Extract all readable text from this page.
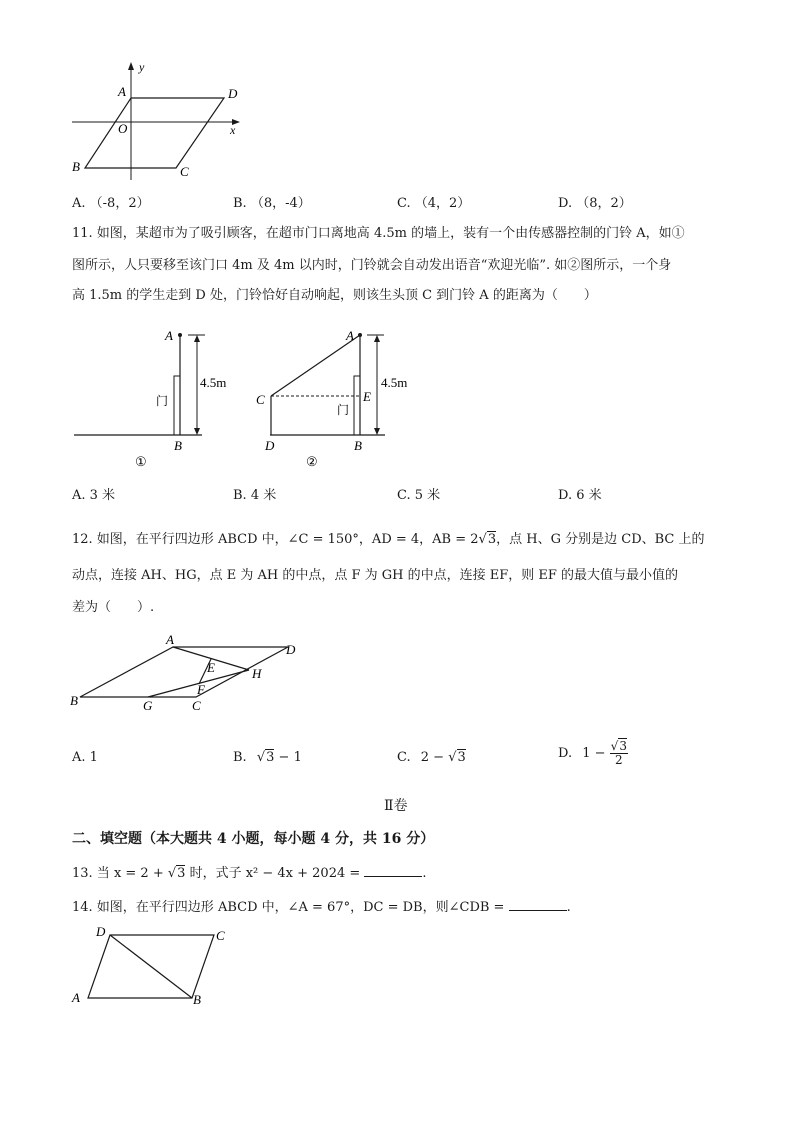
y
A	D
O	x
B	C
A. （-8，2）	B. （8，-4）	C. （4，2）	D. （8，2）
11. 如图，某超市为了吸引顾客，在超市门口离地高 4.5m 的墙上，装有一个由传感器控制的门铃 A，如①
图所示，人只要移至该门口 4m 及 4m 以内时，门铃就会自动发出语音“欢迎光临”. 如②图所示，一个身
高 1.5m 的学生走到 D 处，门铃恰好自动响起，则该生头顶 C 到门铃 A 的距离为（　　）
A
门
4.5m
B
①
A
C	E
门
4.5m
D	B
②
A. 3 米	B. 4 米	C. 5 米	D. 6 米
12. 如图，在平行四边形 ABCD 中，∠C = 150°，AD = 4，AB = 2√3，点 H、G 分别是边 CD、BC 上的
动点，连接 AH、HG，点 E 为 AH 的中点，点 F 为 GH 的中点，连接 EF，则 EF 的最大值与最小值的
差为（　　）.
A
D
E	H
F
B	G	C
A. 1	B. √3 − 1	C. 2 − √3	D. $1 - \frac{√3}{2}$
Ⅱ卷
二、填空题（本大题共 4 小题，每小题 4 分，共 16 分）
13. 当 x = 2 + √3 时，式子 x² − 4x + 2024 =	.
14. 如图，在平行四边形 ABCD 中，∠A = 67°，DC = DB，则∠CDB =	.
D	C
A	B
